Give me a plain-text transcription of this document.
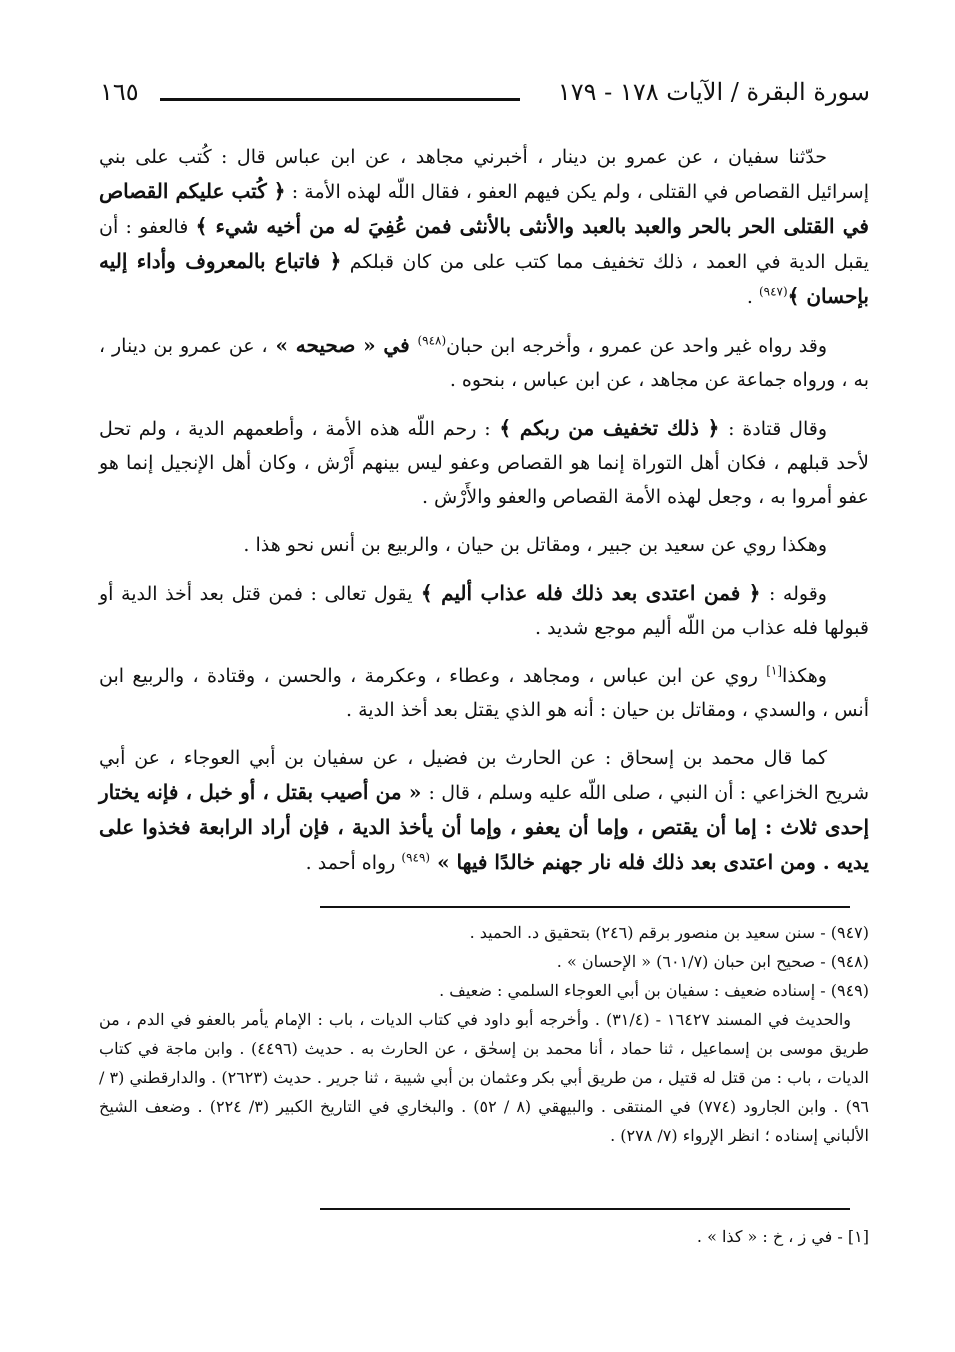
سورة البقرة / الآيات ١٧٨ - ١٧٩
١٦٥

حدّثنا سفيان ، عن عمرو بن دينار ، أخبرني مجاهد ، عن ابن عباس قال : كُتب على بني إسرائيل القصاص في القتلى ، ولم يكن فيهم العفو ، فقال اللّه لهذه الأمة : ﴿ كُتب عليكم القصاص في القتلى الحر بالحر والعبد بالعبد والأنثى بالأنثى فمن عُفِيَ له من أخيه شيء ﴾ فالعفو : أن يقبل الدية في العمد ، ذلك تخفيف مما كتب على من كان قبلكم ﴿ فاتباع بالمعروف وأداء إليه بإحسان ﴾$^{(٩٤٧)}$ .

وقد رواه غير واحد عن عمرو ، وأخرجه ابن حبان$^{(٩٤٨)}$ في « صحيحه » ، عن عمرو بن دينار ، به ، ورواه جماعة عن مجاهد ، عن ابن عباس ، بنحوه .

وقال قتادة : ﴿ ذلك تخفيف من ربكم ﴾ : رحم اللّه هذه الأمة ، وأطعمهم الدية ، ولم تحل لأحد قبلهم ، فكان أهل التوراة إنما هو القصاص وعفو ليس بينهم أَرْش ، وكان أهل الإنجيل إنما هو عفو أمروا به ، وجعل لهذه الأمة القصاص والعفو والأَرْش .

وهكذا روي عن سعيد بن جبير ، ومقاتل بن حيان ، والربيع بن أنس نحو هذا .

وقوله : ﴿ فمن اعتدى بعد ذلك فله عذاب أليم ﴾ يقول تعالى : فمن قتل بعد أخذ الدية أو قبولها فله عذاب من اللّه أليم موجع شديد .

وهكذا[١] روي عن ابن عباس ، ومجاهد ، وعطاء ، وعكرمة ، والحسن ، وقتادة ، والربيع ابن أنس ، والسدي ، ومقاتل بن حيان : أنه هو الذي يقتل بعد أخذ الدية .

كما قال محمد بن إسحاق : عن الحارث بن فضيل ، عن سفيان بن أبي العوجاء ، عن أبي شريح الخزاعي : أن النبي ، صلى اللّه عليه وسلم ، قال : « من أصيب بقتل ، أو خبل ، فإنه يختار إحدى ثلاث : إما أن يقتص ، وإما أن يعفو ، وإما أن يأخذ الدية ، فإن أراد الرابعة فخذوا على يديه . ومن اعتدى بعد ذلك فله نار جهنم خالدًا فيها » $^{(٩٤٩)}$ رواه أحمد .

(٩٤٧) - سنن سعيد بن منصور برقم (٢٤٦) بتحقيق د. الحميد .

(٩٤٨) - صحيح ابن حبان (٦٠١/٧) « الإحسان » .

(٩٤٩) - إسناده ضعيف : سفيان بن أبي العوجاء السلمي : ضعيف .

والحديث في المسند ١٦٤٢٧ - (٣١/٤) . وأخرجه أبو داود في كتاب الديات ، باب : الإمام يأمر بالعفو في الدم ، من طريق موسى بن إسماعيل ، ثنا حماد ، أنا محمد بن إسحٰق ، عن الحارث به . حديث (٤٤٩٦) . وابن ماجة في كتاب الديات ، باب : من قتل له قتيل ، من طريق أبي بكر وعثمان بن أبي شيبة ، ثنا جرير . حديث (٢٦٢٣) . والدارقطني (٣ / ٩٦) . وابن الجارود (٧٧٤) في المنتقى . والبيهقي (٨ / ٥٢) . والبخاري في التاريخ الكبير (٣/ ٢٢٤) . وضعف الشيخ الألباني إسناده ؛ انظر الإرواء (٧/ ٢٧٨) .

[١] - في ز ، خ : « كذا » .
